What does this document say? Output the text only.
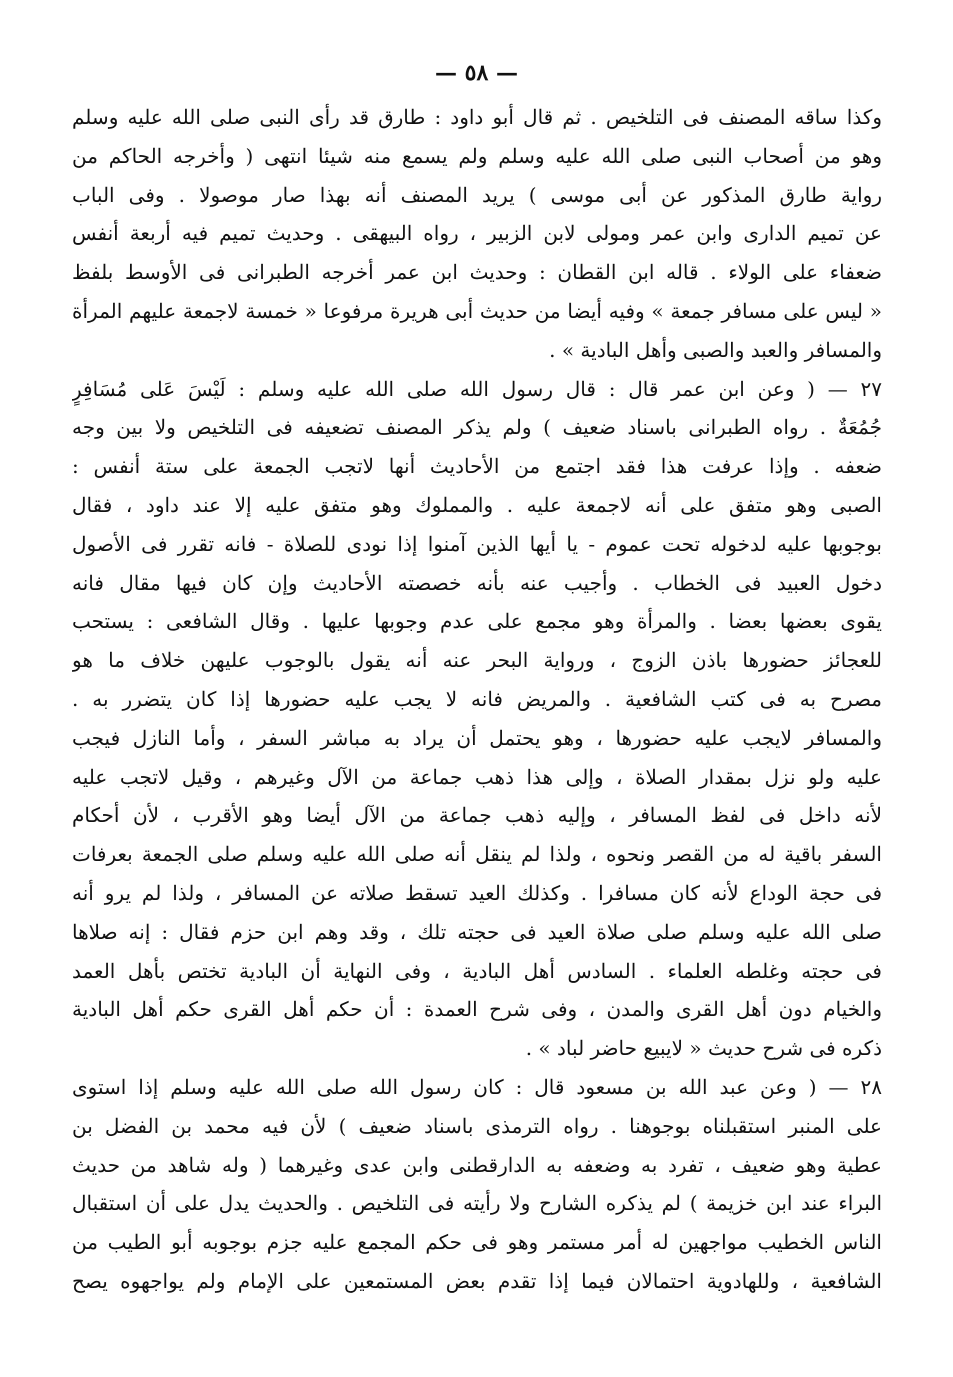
— ٥٨ —
وكذا ساقه المصنف فى التلخيص . ثم قال أبو داود : طارق قد رأى النبى صلى الله عليه وسلم
وهو من أصحاب النبى صلى الله عليه وسلم ولم يسمع منه شيئا انتهى ( وأخرجه الحاكم من
رواية طارق المذكور عن أبى موسى ) يريد المصنف أنه بهذا صار موصولا . وفى الباب
عن تميم الدارى وابن عمر ومولى لابن الزبير ، رواه البيهقى . وحديث تميم فيه أربعة أنفس
ضعفاء على الولاء . قاله ابن القطان : وحديث ابن عمر أخرجه الطبرانى فى الأوسط بلفظ
« ليس على مسافر جمعة » وفيه أيضا من حديث أبى هريرة مرفوعا « خمسة لاجمعة عليهم المرأة
والمسافر والعبد والصبى وأهل البادية » .
٢٧ — ( وعن ابن عمر قال : قال رسول الله صلى الله عليه وسلم : لَيْسَ عَلى مُسَافِرٍ
جُمُعَةٌ . رواه الطبرانى باسناد ضعيف ) ولم يذكر المصنف تضعيفه فى التلخيص ولا بين وجه
ضعفه . وإذا عرفت هذا فقد اجتمع من الأحاديث أنها لاتجب الجمعة على ستة أنفس :
الصبى وهو متفق على أنه لاجمعة عليه . والمملوك وهو متفق عليه إلا عند داود ، فقال
بوجوبها عليه لدخوله تحت عموم - يا أيها الذين آمنوا إذا نودى للصلاة - فانه تقرر فى الأصول
دخول العبيد فى الخطاب . وأجيب عنه بأنه خصصته الأحاديث وإن كان فيها مقال فانه
يقوى بعضها بعضا . والمرأة وهو مجمع على عدم وجوبها عليها . وقال الشافعى : يستحب
للعجائز حضورها باذن الزوج ، ورواية البحر عنه أنه يقول بالوجوب عليهن خلاف ما هو
مصرح به فى كتب الشافعية . والمريض فانه لا يجب عليه حضورها إذا كان يتضرر به .
والمسافر لايجب عليه حضورها ، وهو يحتمل أن يراد به مباشر السفر ، وأما النازل فيجب
عليه ولو نزل بمقدار الصلاة ، وإلى هذا ذهب جماعة من الآل وغيرهم ، وقيل لاتجب عليه
لأنه داخل فى لفظ المسافر ، وإليه ذهب جماعة من الآل أيضا وهو الأقرب ، لأن أحكام
السفر باقية له من القصر ونحوه ، ولذا لم ينقل أنه صلى الله عليه وسلم صلى الجمعة بعرفات
فى حجة الوداع لأنه كان مسافرا . وكذلك العيد تسقط صلاته عن المسافر ، ولذا لم يرو أنه
صلى الله عليه وسلم صلى صلاة العيد فى حجته تلك ، وقد وهم ابن حزم فقال : إنه صلاها
فى حجته وغلطه العلماء . السادس أهل البادية ، وفى النهاية أن البادية تختص بأهل العمد
والخيام دون أهل القرى والمدن ، وفى شرح العمدة : أن حكم أهل القرى حكم أهل البادية
ذكره فى شرح حديث « لايبيع حاضر لباد » .
٢٨ — ( وعن عبد الله بن مسعود قال : كان رسول الله صلى الله عليه وسلم إذا استوى
على المنبر استقبلناه بوجوهنا . رواه الترمذى باسناد ضعيف ) لأن فيه محمد بن الفضل بن
عطية وهو ضعيف ، تفرد به وضعفه به الدارقطنى وابن عدى وغيرهما ( وله شاهد من حديث
البراء عند ابن خزيمة ) لم يذكره الشارح ولا رأيته فى التلخيص . والحديث يدل على أن استقبال
الناس الخطيب مواجهين له أمر مستمر وهو فى حكم المجمع عليه جزم بوجوبه أبو الطيب من
الشافعية ، وللهادوية احتمالان فيما إذا تقدم بعض المستمعين على الإمام ولم يواجهوه يصح
